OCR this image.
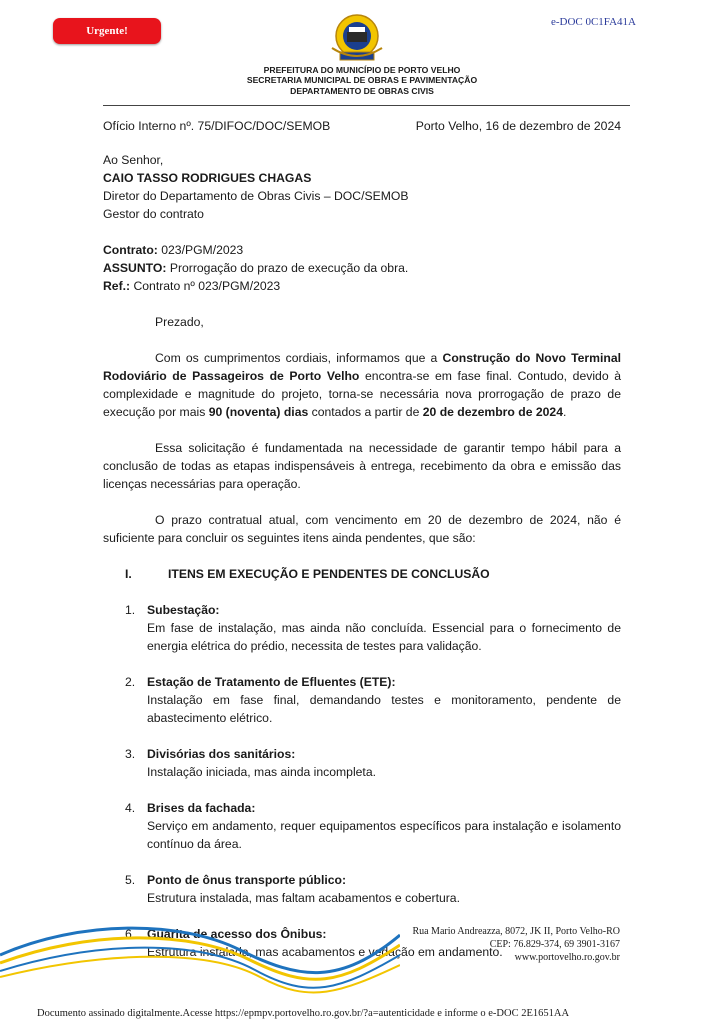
Urgente!
e-DOC 0C1FA41A
PREFEITURA DO MUNICÍPIO DE PORTO VELHO
SECRETARIA MUNICIPAL DE OBRAS E PAVIMENTAÇÃO
DEPARTAMENTO DE OBRAS CIVIS
Ofício Interno nº. 75/DIFOC/DOC/SEMOB	Porto Velho, 16 de dezembro de 2024

Ao Senhor,

CAIO TASSO RODRIGUES CHAGAS

Diretor do Departamento de Obras Civis – DOC/SEMOB

Gestor do contrato

Contrato: 023/PGM/2023

ASSUNTO: Prorrogação do prazo de execução da obra.

Ref.: Contrato nº 023/PGM/2023

Prezado,

Com os cumprimentos cordiais, informamos que a Construção do Novo Terminal Rodoviário de Passageiros de Porto Velho encontra-se em fase final. Contudo, devido à complexidade e magnitude do projeto, torna-se necessária nova prorrogação de prazo de execução por mais 90 (noventa) dias contados a partir de 20 de dezembro de 2024.

Essa solicitação é fundamentada na necessidade de garantir tempo hábil para a conclusão de todas as etapas indispensáveis à entrega, recebimento da obra e emissão das licenças necessárias para operação.

O prazo contratual atual, com vencimento em 20 de dezembro de 2024, não é suficiente para concluir os seguintes itens ainda pendentes, que são:

I.	ITENS EM EXECUÇÃO E PENDENTES DE CONCLUSÃO
1. Subestação:
Em fase de instalação, mas ainda não concluída. Essencial para o fornecimento de energia elétrica do prédio, necessita de testes para validação.
2. Estação de Tratamento de Efluentes (ETE):
Instalação em fase final, demandando testes e monitoramento, pendente de abastecimento elétrico.
3. Divisórias dos sanitários:
Instalação iniciada, mas ainda incompleta.
4. Brises da fachada:
Serviço em andamento, requer equipamentos específicos para instalação e isolamento contínuo da área.
5. Ponto de ônus transporte público:
Estrutura instalada, mas faltam acabamentos e cobertura.
6. Guarita de acesso dos Ônibus:
Estrutura instalada, mas acabamentos e vedação em andamento.
Rua Mario Andreazza, 8072, JK II, Porto Velho-RO
CEP: 76.829-374, 69 3901-3167
www.portovelho.ro.gov.br
Documento assinado digitalmente.Acesse https://epmpv.portovelho.ro.gov.br/?a=autenticidade e informe o e-DOC 2E1651AA
